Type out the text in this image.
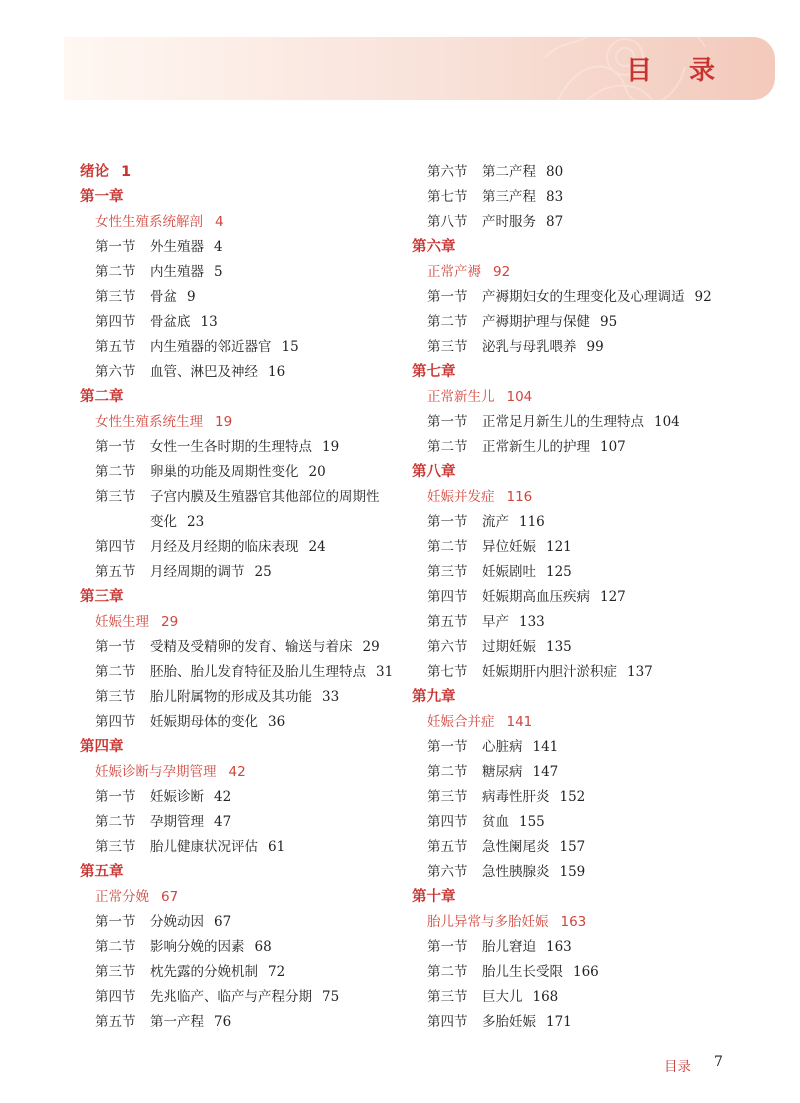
目 录
绪论 1
第一章
女性生殖系统解剖 4
第一节 外生殖器 4
第二节 内生殖器 5
第三节 骨盆 9
第四节 骨盆底 13
第五节 内生殖器的邻近器官 15
第六节 血管、淋巴及神经 16
第二章
女性生殖系统生理 19
第一节 女性一生各时期的生理特点 19
第二节 卵巢的功能及周期性变化 20
第三节 子宫内膜及生殖器官其他部位的周期性
变化 23
第四节 月经及月经期的临床表现 24
第五节 月经周期的调节 25
第三章
妊娠生理 29
第一节 受精及受精卵的发育、输送与着床 29
第二节 胚胎、胎儿发育特征及胎儿生理特点 31
第三节 胎儿附属物的形成及其功能 33
第四节 妊娠期母体的变化 36
第四章
妊娠诊断与孕期管理 42
第一节 妊娠诊断 42
第二节 孕期管理 47
第三节 胎儿健康状况评估 61
第五章
正常分娩 67
第一节 分娩动因 67
第二节 影响分娩的因素 68
第三节 枕先露的分娩机制 72
第四节 先兆临产、临产与产程分期 75
第五节 第一产程 76
第六节 第二产程 80
第七节 第三产程 83
第八节 产时服务 87
第六章
正常产褥 92
第一节 产褥期妇女的生理变化及心理调适 92
第二节 产褥期护理与保健 95
第三节 泌乳与母乳喂养 99
第七章
正常新生儿 104
第一节 正常足月新生儿的生理特点 104
第二节 正常新生儿的护理 107
第八章
妊娠并发症 116
第一节 流产 116
第二节 异位妊娠 121
第三节 妊娠剧吐 125
第四节 妊娠期高血压疾病 127
第五节 早产 133
第六节 过期妊娠 135
第七节 妊娠期肝内胆汁淤积症 137
第九章
妊娠合并症 141
第一节 心脏病 141
第二节 糖尿病 147
第三节 病毒性肝炎 152
第四节 贫血 155
第五节 急性阑尾炎 157
第六节 急性胰腺炎 159
第十章
胎儿异常与多胎妊娠 163
第一节 胎儿窘迫 163
第二节 胎儿生长受限 166
第三节 巨大儿 168
第四节 多胎妊娠 171
目录 7
